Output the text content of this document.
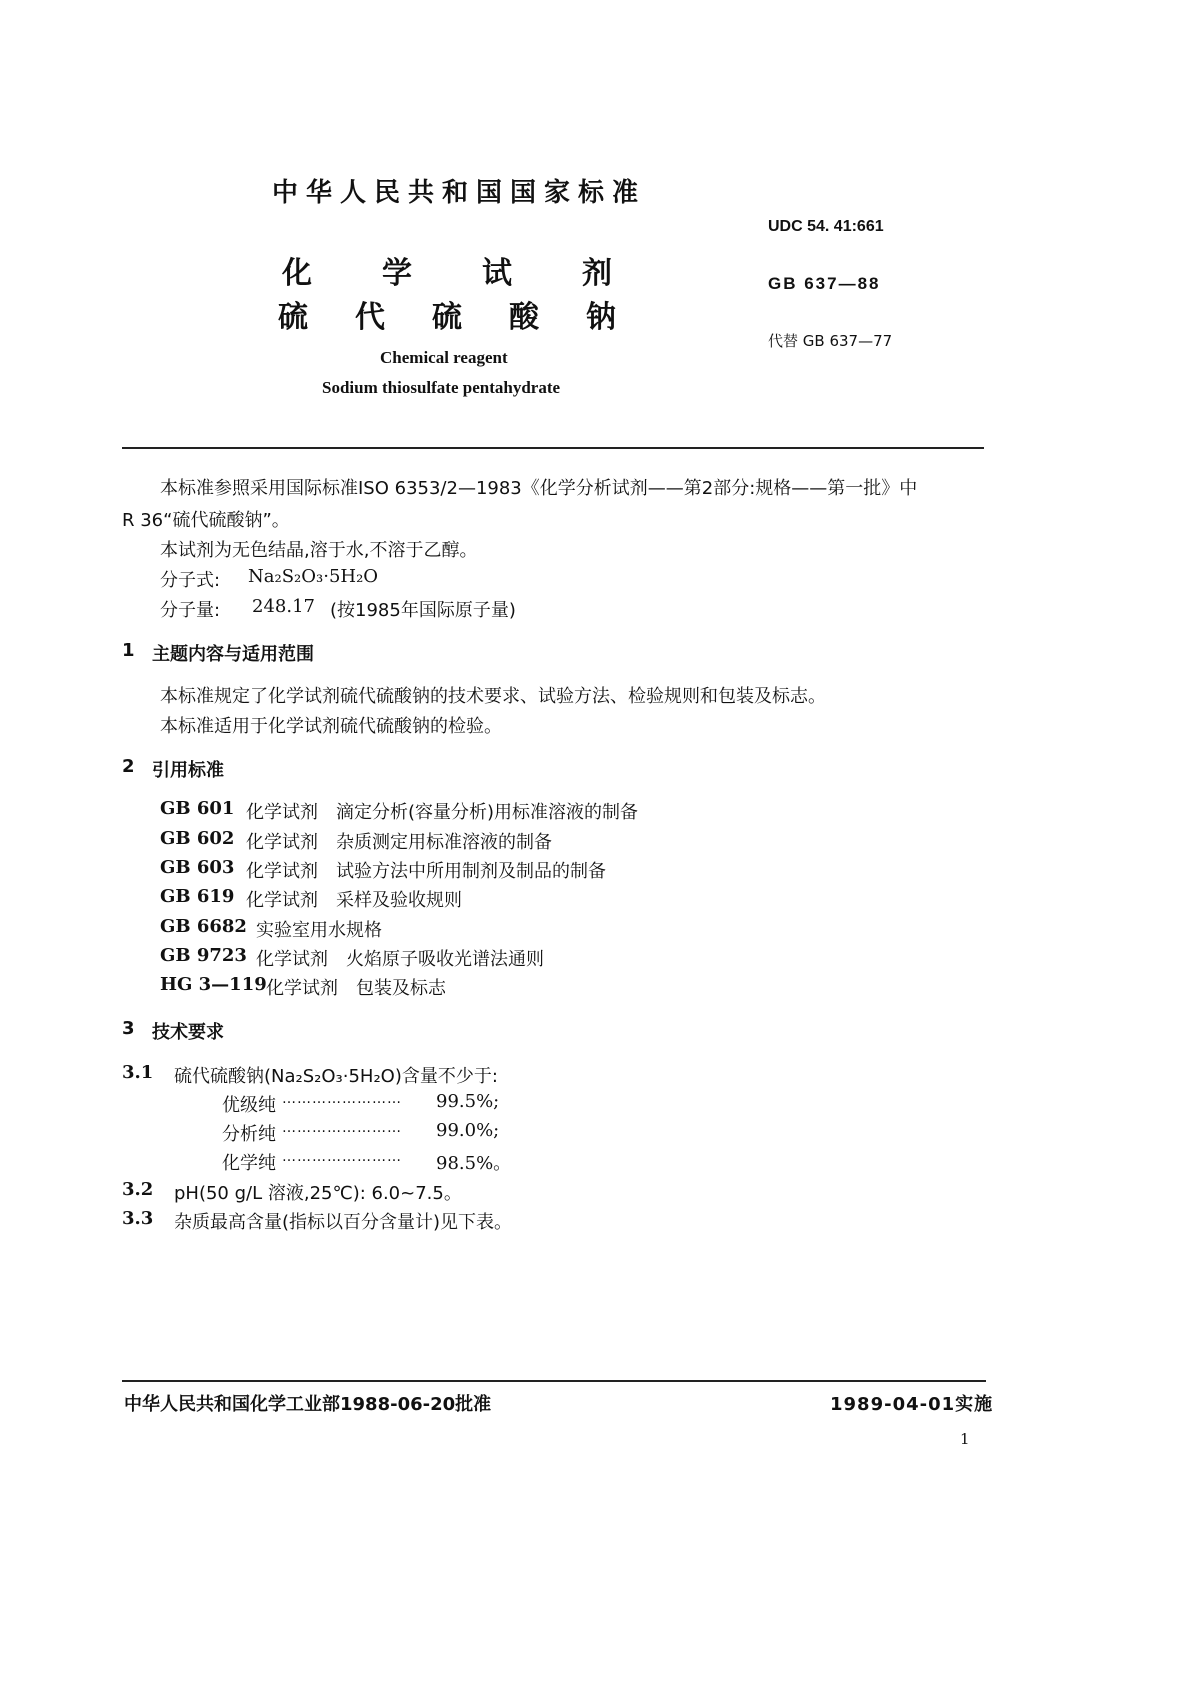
中华人民共和国国家标准
化 学 试 剂
硫 代 硫 酸 钠
Chemical reagent
Sodium thiosulfate pentahydrate
UDC 54. 41:661
GB 637—88
代替 GB 637—77
本标准参照采用国际标准ISO 6353/2—1983《化学分析试剂——第2部分:规格——第一批》中
R 36“硫代硫酸钠”。
本试剂为无色结晶,溶于水,不溶于乙醇。
分子式: Na₂S₂O₃·5H₂O
分子量: 248.17 (按1985年国际原子量)
1 主题内容与适用范围
本标准规定了化学试剂硫代硫酸钠的技术要求、试验方法、检验规则和包装及标志。
本标准适用于化学试剂硫代硫酸钠的检验。
2 引用标准
GB 601 化学试剂　滴定分析(容量分析)用标准溶液的制备
GB 602 化学试剂　杂质测定用标准溶液的制备
GB 603 化学试剂　试验方法中所用制剂及制品的制备
GB 619 化学试剂　采样及验收规则
GB 6682 实验室用水规格
GB 9723 化学试剂　火焰原子吸收光谱法通则
HG 3—119 化学试剂　包装及标志
3 技术要求
3.1 硫代硫酸钠(Na₂S₂O₃·5H₂O)含量不少于:
优级纯 …………………… 99.5%;
分析纯 …………………… 99.0%;
化学纯 …………………… 98.5%。
3.2 pH(50 g/L 溶液,25℃): 6.0~7.5。
3.3 杂质最高含量(指标以百分含量计)见下表。
中华人民共和国化学工业部1988-06-20批准	1989-04-01实施
1
